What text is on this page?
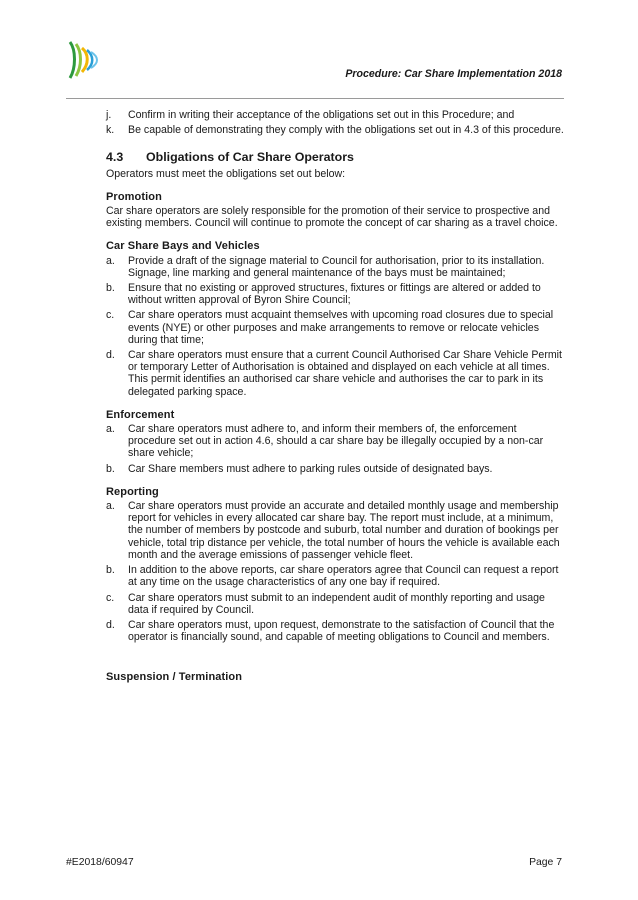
Procedure: Car Share Implementation 2018
j.	Confirm in writing their acceptance of the obligations set out in this Procedure; and
k.	Be capable of demonstrating they comply with the obligations set out in 4.3 of this procedure.
4.3	Obligations of Car Share Operators

Operators must meet the obligations set out below:

Promotion

Car share operators are solely responsible for the promotion of their service to prospective and existing members. Council will continue to promote the concept of car sharing as a travel choice.

Car Share Bays and Vehicles
a.	Provide a draft of the signage material to Council for authorisation, prior to its installation. Signage, line marking and general maintenance of the bays must be maintained;
b.	Ensure that no existing or approved structures, fixtures or fittings are altered or added to without written approval of Byron Shire Council;
c.	Car share operators must acquaint themselves with upcoming road closures due to special events (NYE) or other purposes and make arrangements to remove or relocate vehicles during that time;
d.	Car share operators must ensure that a current Council Authorised Car Share Vehicle Permit or temporary Letter of Authorisation is obtained and displayed on each vehicle at all times. This permit identifies an authorised car share vehicle and authorises the car to park in its delegated parking space.
Enforcement
a.	Car share operators must adhere to, and inform their members of, the enforcement procedure set out in action 4.6, should a car share bay be illegally occupied by a non-car share vehicle;
b.	Car Share members must adhere to parking rules outside of designated bays.
Reporting
a.	Car share operators must provide an accurate and detailed monthly usage and membership report for vehicles in every allocated car share bay. The report must include, at a minimum, the number of members by postcode and suburb, total number and duration of bookings per vehicle, total trip distance per vehicle, the total number of hours the vehicle is available each month and the average emissions of passenger vehicle fleet.
b.	In addition to the above reports, car share operators agree that Council can request a report at any time on the usage characteristics of any one bay if required.
c.	Car share operators must submit to an independent audit of monthly reporting and usage data if required by Council.
d.	Car share operators must, upon request, demonstrate to the satisfaction of Council that the operator is financially sound, and capable of meeting obligations to Council and members.
Suspension / Termination
#E2018/60947	Page 7
